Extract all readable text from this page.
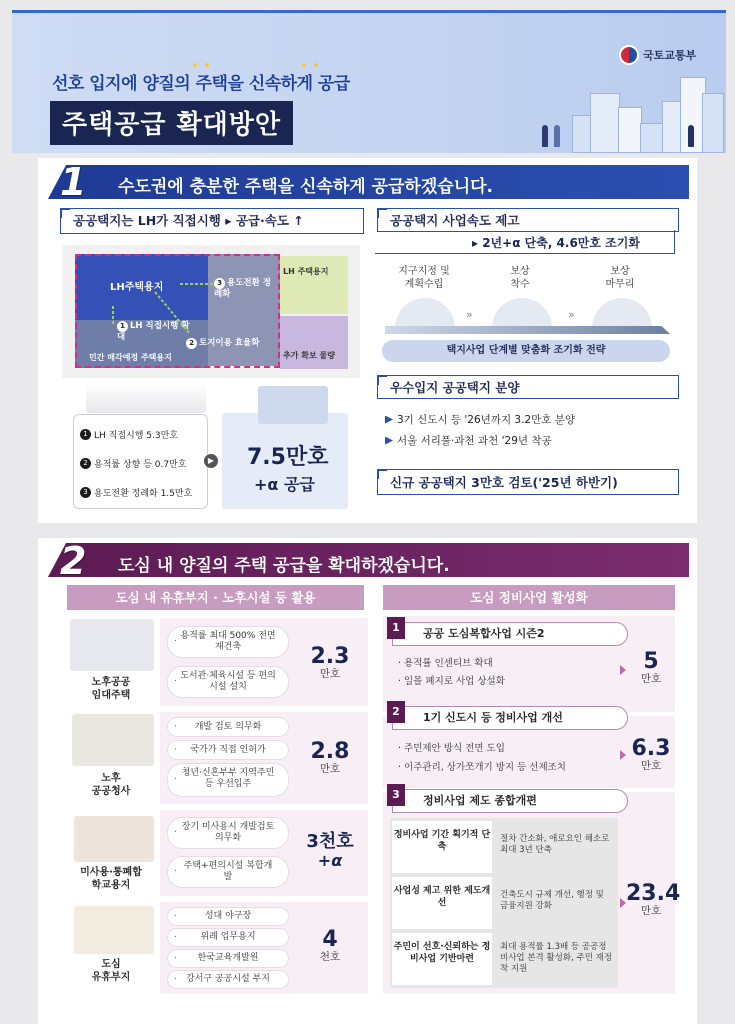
선호 입지에 양질의 주택을 신속하게 공급
주택공급 확대방안
국토교통부
1 수도권에 충분한 주택을 신속하게 공급하겠습니다.
공공택지는 LH가 직접시행 ▸ 공급·속도 ↑
LH주택용지
민간 매각예정 주택용지
LH 주택용지
추가 확보 물량
3 용도전환 정례화
1 LH 직접시행 확대
2 토지이용 효율화
1 LH 직접시행 5.3만호
2 용적률 상향 등 0.7만호
3 용도전환 정례화 1.5만호
▶ 7.5만호
+α 공급
공공택지 사업속도 제고
▸ 2년+α 단축, 4.6만호 조기화
지구지정 및
계획수립
보상
착수
보상
마무리
»	»
택지사업 단계별 맞춤화 조기화 전략
우수입지 공공택지 분양
3기 신도시 등 '26년까지 3.2만호 분양
서울 서리풀·과천 과천 '29년 착공
신규 공공택지 3만호 검토('25년 하반기)
2 도심 내 양질의 주택 공급을 확대하겠습니다.
도심 내 유휴부지 · 노후시설 등 활용	도심 정비사업 활성화
노후공공
임대주택
· 용적률 최대 500% 전면 재건축
· 도서관·체육시설 등 편의시설 설치
2.3
만호
노후
공공청사
· 개발 검토 의무화
· 국가가 직접 인허가
· 청년·신혼부부 지역주민 등 우선입주
2.8
만호
미사용·통폐합
학교용지
· 장기 미사용시 개발검토 의무화
· 주택+편의시설 복합개발
3천호
+α
도심
유휴부지
· 성대 야구장
· 위례 업무용지
· 한국교육개발원
· 강서구 공공시설 부지
4
천호
1	공공 도심복합사업 시즌2
· 용적률 인센티브 확대
· 일몰 폐지로 사업 상설화
5
만호
2	1기 신도시 등 정비사업 개선
· 주민제안 방식 전면 도입
· 이주관리, 상가쪼개기 방지 등 선제조치
6.3
만호
3	정비사업 제도 종합개편
정비사업 기간 획기적 단축
절차 간소화, 애로요인 해소로 최대 3년 단축
사업성 제고 위한 제도개선
건축도시 규제 개선, 행정 및 금융지원 강화
주민이 선호·신뢰하는 정비사업 기반마련
최대 용적률 1.3배 등 공공정비사업 본격 활성화, 주민 재정착 지원
23.4
만호
